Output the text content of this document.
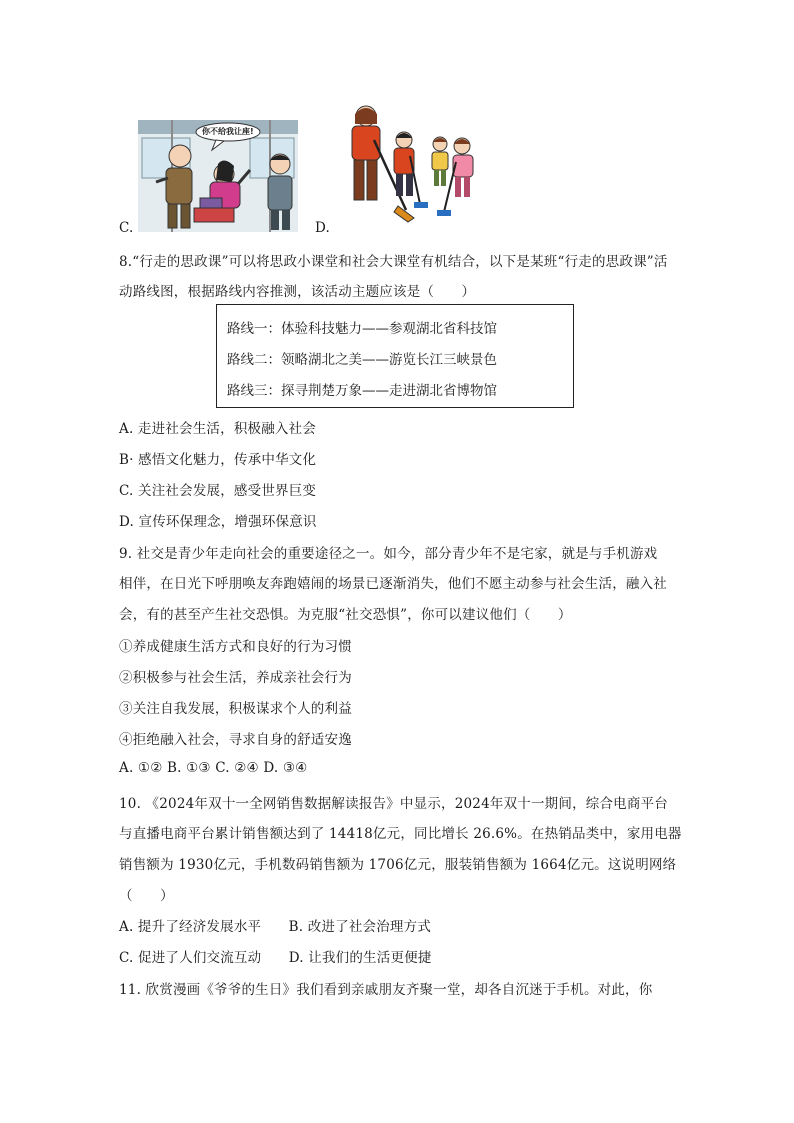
你不给我让座!
C.	D.
8.“行走的思政课”可以将思政小课堂和社会大课堂有机结合，以下是某班“行走的思政课”活
动路线图，根据路线内容推测，该活动主题应该是（　　）
路线一：体验科技魅力——参观湖北省科技馆
路线二：领略湖北之美——游览长江三峡景色
路线三：探寻荆楚万象——走进湖北省博物馆
A. 走进社会生活，积极融入社会
B· 感悟文化魅力，传承中华文化
C. 关注社会发展，感受世界巨变
D. 宣传环保理念，增强环保意识
9. 社交是青少年走向社会的重要途径之一。如今，部分青少年不是宅家，就是与手机游戏
相伴，在日光下呼朋唤友奔跑嬉闹的场景已逐渐消失，他们不愿主动参与社会生活，融入社
会，有的甚至产生社交恐惧。为克服“社交恐惧”，你可以建议他们（　　）
①养成健康生活方式和良好的行为习惯
②积极参与社会生活，养成亲社会行为
③关注自我发展，积极谋求个人的利益
④拒绝融入社会，寻求自身的舒适安逸
A. ①② B. ①③ C. ②④ D. ③④
10. 《2024年双十一全网销售数据解读报告》中显示，2024年双十一期间，综合电商平台
与直播电商平台累计销售额达到了 14418亿元，同比增长 26.6%。在热销品类中，家用电器
销售额为 1930亿元，手机数码销售额为 1706亿元，服装销售额为 1664亿元。这说明网络
（　　）
A. 提升了经济发展水平　　B. 改进了社会治理方式
C. 促进了人们交流互动　　D. 让我们的生活更便捷
11. 欣赏漫画《爷爷的生日》我们看到亲戚朋友齐聚一堂，却各自沉迷于手机。对此，你
